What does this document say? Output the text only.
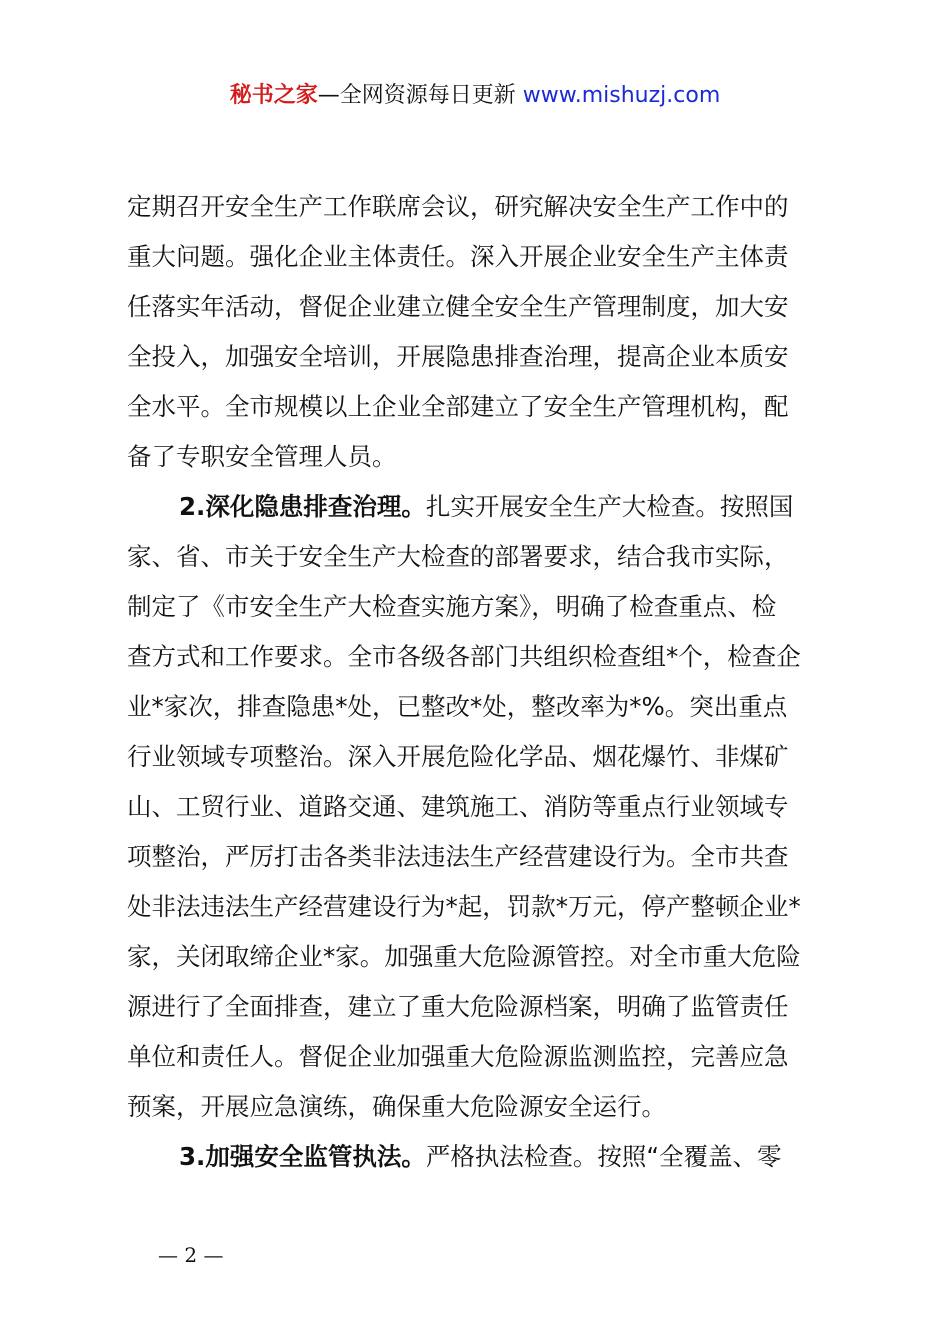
秘书之家—全网资源每日更新 www.mishuzj.com
定期召开安全生产工作联席会议，研究解决安全生产工作中的
重大问题。强化企业主体责任。深入开展企业安全生产主体责
任落实年活动，督促企业建立健全安全生产管理制度，加大安
全投入，加强安全培训，开展隐患排查治理，提高企业本质安
全水平。全市规模以上企业全部建立了安全生产管理机构，配
备了专职安全管理人员。
2.深化隐患排查治理。扎实开展安全生产大检查。按照国
家、省、市关于安全生产大检查的部署要求，结合我市实际，
制定了《市安全生产大检查实施方案》，明确了检查重点、检
查方式和工作要求。全市各级各部门共组织检查组*个，检查企
业*家次，排查隐患*处，已整改*处，整改率为*%。突出重点
行业领域专项整治。深入开展危险化学品、烟花爆竹、非煤矿
山、工贸行业、道路交通、建筑施工、消防等重点行业领域专
项整治，严厉打击各类非法违法生产经营建设行为。全市共查
处非法违法生产经营建设行为*起，罚款*万元，停产整顿企业*
家，关闭取缔企业*家。加强重大危险源管控。对全市重大危险
源进行了全面排查，建立了重大危险源档案，明确了监管责任
单位和责任人。督促企业加强重大危险源监测监控，完善应急
预案，开展应急演练，确保重大危险源安全运行。
3.加强安全监管执法。严格执法检查。按照“全覆盖、零
— 2 —
